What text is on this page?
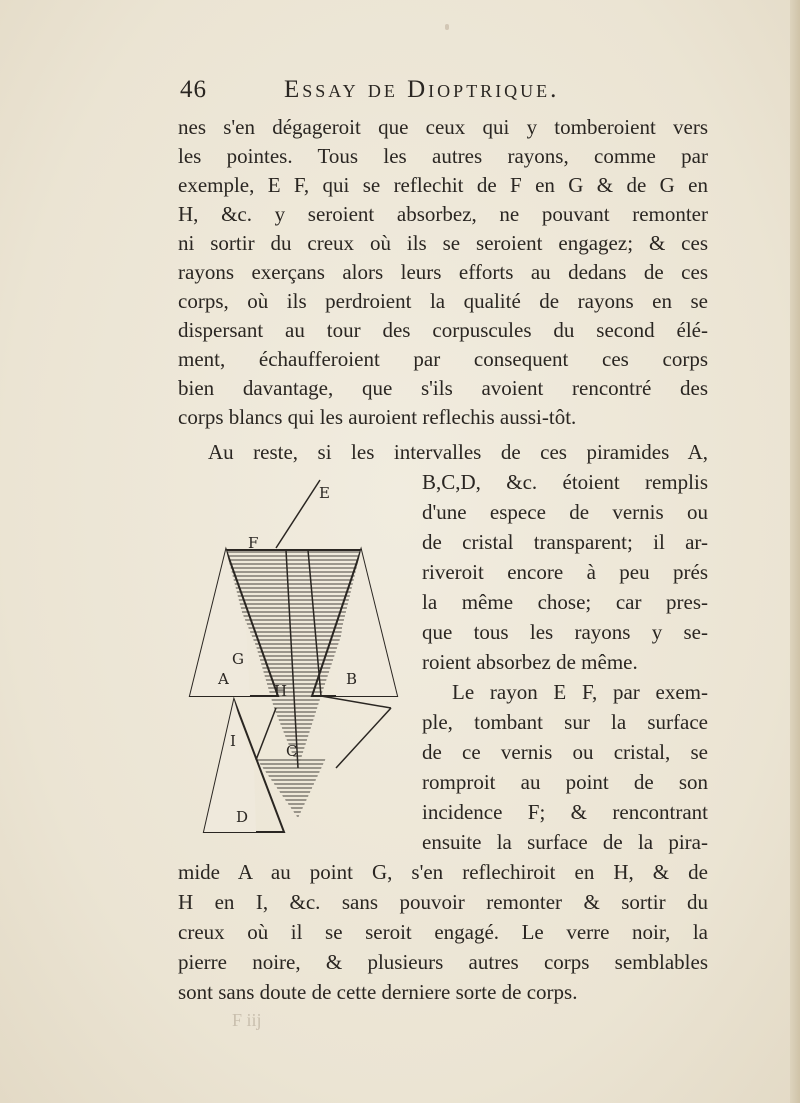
46	Essay de Dioptrique.
nes s'en dégageroit que ceux qui y tomberoient vers
les pointes. Tous les autres rayons, comme par
exemple, E F, qui se reflechit de F en G & de G en
H, &c. y seroient absorbez, ne pouvant remonter
ni sortir du creux où ils se seroient engagez; & ces
rayons exerçans alors leurs efforts au dedans de ces
corps, où ils perdroient la qualité de rayons en se
dispersant au tour des corpuscules du second élé-
ment, échaufferoient par consequent ces corps
bien davantage, que s'ils avoient rencontré des
corps blancs qui les auroient reflechis aussi-tôt.
Au reste, si les intervalles de ces piramides A,
B,C,D, &c. étoient remplis
d'une espece de vernis ou
de cristal transparent; il ar-
riveroit encore à peu prés
la même chose; car pres-
que tous les rayons y se-
roient absorbez de même.
Le rayon E F, par exem-
ple, tombant sur la surface
de ce vernis ou cristal, se
romproit au point de son
incidence F; & rencontrant
ensuite la surface de la pira-
mide A au point G, s'en reflechiroit en H, & de
H en I, &c. sans pouvoir remonter & sortir du
creux où il se seroit engagé. Le verre noir, la
pierre noire, & plusieurs autres corps semblables
sont sans doute de cette derniere sorte de corps.
F iij
E
F
G
A
H
B
I
C
D
